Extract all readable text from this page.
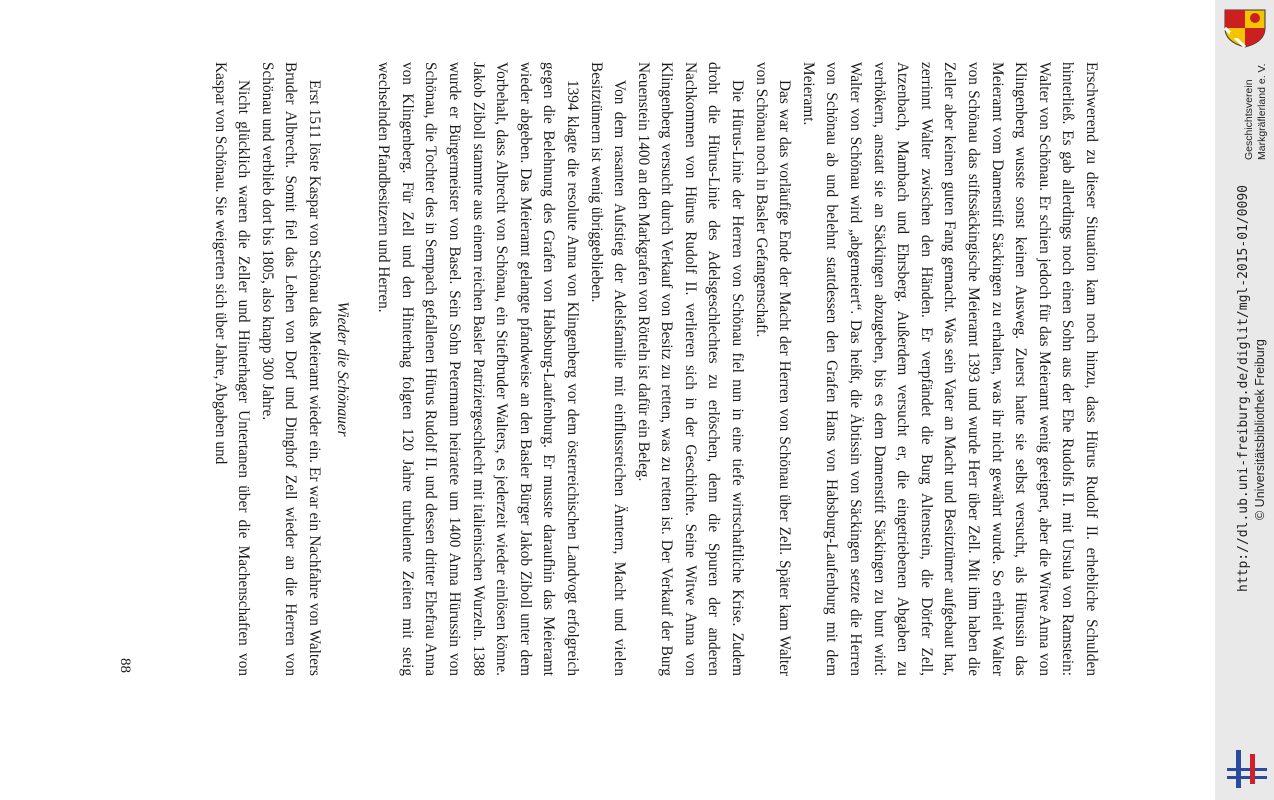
Erschwerend zu dieser Situation kam noch hinzu, dass Hürus Rudolf II. erhebliche Schulden hinterließ. Es gab allerdings noch einen Sohn aus der Ehe Rudolfs II. mit Ursula von Ramstein: Walter von Schönau. Er schien jedoch für das Meieramt wenig geeignet, aber die Witwe Anna von Klingenberg wusste sonst keinen Ausweg. Zuerst hatte sie selbst versucht, als Hürussin das Meieramt vom Damenstift Säckingen zu erhalten, was ihr nicht gewährt wurde. So erhielt Walter von Schönau das stiftssäckingische Meieramt 1393 und wurde Herr über Zell. Mit ihm haben die Zeller aber keinen guten Fang gemacht. Was sein Vater an Macht und Besitztümer aufgebaut hat, zerrinnt Walter zwischen den Händen. Er verpfändet die Burg Altenstein, die Dörfer Zell, Atzenbach, Mambach und Ehrsberg. Außerdem versucht er, die eingetriebenen Abgaben zu verhökern, anstatt sie an Säckingen abzugeben, bis es dem Damenstift Säckingen zu bunt wird: Walter von Schönau wird „abgemeiert“. Das heißt, die Äbtissin von Säckingen setzte die Herren von Schönau ab und belehnt stattdessen den Grafen Hans von Habsburg-Laufenburg mit dem Meieramt.

Das war das vorläufige Ende der Macht der Herren von Schönau über Zell. Später kam Walter von Schönau noch in Basler Gefangenschaft.

Die Hürus-Linie der Herren von Schönau fiel nun in eine tiefe wirtschaftliche Krise. Zudem droht die Hürus-Linie des Adelsgeschlechtes zu erlöschen, denn die Spuren der anderen Nachkommen von Hürus Rudolf II. verlieren sich in der Geschichte. Seine Witwe Anna von Klingenberg versucht durch Verkauf von Besitz zu retten, was zu retten ist. Der Verkauf der Burg Neuenstein 1400 an den Markgrafen von Rötteln ist dafür ein Beleg.

Von dem rasanten Aufstieg der Adelsfamilie mit einflussreichen Ämtern, Macht und vielen Besitztümern ist wenig übriggeblieben.

1394 klagte die resolute Anna von Klingenberg vor dem österreichischen Landvogt erfolgreich gegen die Belehnung des Grafen von Habsburg-Laufenburg. Er musste daraufhin das Meieramt wieder abgeben. Das Meieramt gelangte pfandweise an den Basler Bürger Jakob Ziboll unter dem Vorbehalt, dass Albrecht von Schönau, ein Stiefbruder Walters, es jederzeit wieder einlösen könne. Jakob Ziboll stammte aus einem reichen Basler Patriziergeschlecht mit italienischen Wurzeln. 1388 wurde er Bürgermeister von Basel. Sein Sohn Petermann heiratete um 1400 Anna Hürussin von Schönau, die Tochter des in Sempach gefallenen Hürus Rudolf II. und dessen dritter Ehefrau Anna von Klingenberg. Für Zell und den Hinterhag folgten 120 Jahre turbulente Zeiten mit steig wechselnden Pfandbesitzern und Herren.

Wieder die Schönauer

Erst 1511 löste Kaspar von Schönau das Meieramt wieder ein. Er war ein Nachfahre von Walters Bruder Albrecht. Somit fiel das Lehen von Dorf und Dinghof Zell wieder an die Herren von Schönau und verblieb dort bis 1805, also knapp 300 Jahre.

Nicht glücklich waren die Zeller und Hinterhager Untertanen über die Machenschaften von Kaspar von Schönau. Sie weigerten sich über Jahre, Abgaben und

88
Geschichtsverein Markgräflerland e. V.
http://dl.ub.uni-freiburg.de/diglit/mgl-2015-01/0090 © Universitätsbibliothek Freiburg
